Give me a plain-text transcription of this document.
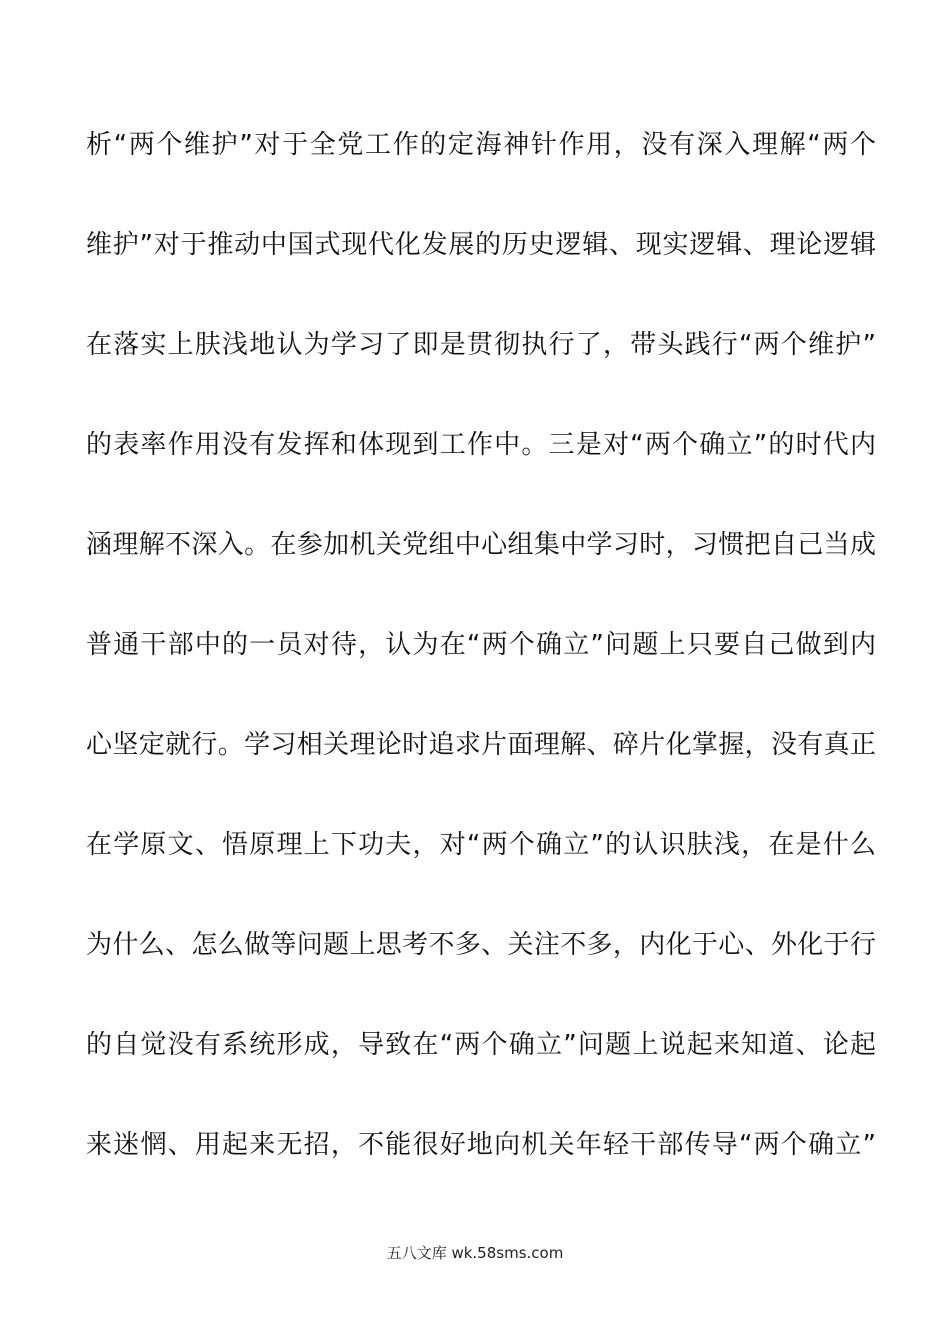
析“两个维护”对于全党工作的定海神针作用，没有深入理解“两个
维护”对于推动中国式现代化发展的历史逻辑、现实逻辑、理论逻辑
在落实上肤浅地认为学习了即是贯彻执行了，带头践行“两个维护”
的表率作用没有发挥和体现到工作中。三是对“两个确立”的时代内
涵理解不深入。在参加机关党组中心组集中学习时，习惯把自己当成
普通干部中的一员对待，认为在“两个确立”问题上只要自己做到内
心坚定就行。学习相关理论时追求片面理解、碎片化掌握，没有真正
在学原文、悟原理上下功夫，对“两个确立”的认识肤浅，在是什么
为什么、怎么做等问题上思考不多、关注不多，内化于心、外化于行
的自觉没有系统形成，导致在“两个确立”问题上说起来知道、论起
来迷惘、用起来无招，不能很好地向机关年轻干部传导“两个确立”
五八文库 wk.58sms.com
